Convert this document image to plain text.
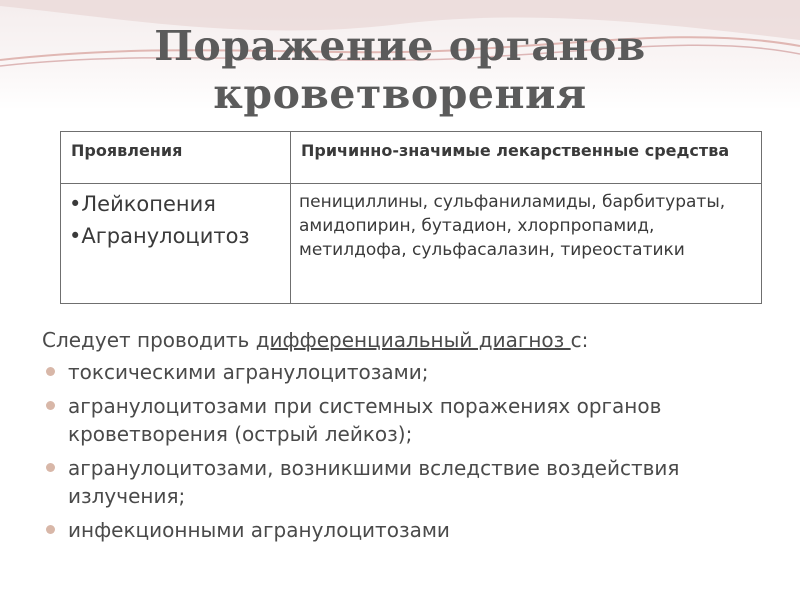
Поражение органов
кроветворения
Проявления	Причинно-значимые лекарственные средства

•Лейкопения
•Агранулоцитоз	пенициллины, сульфаниламиды, барбитураты, амидопирин, бутадион, хлорпропамид, метилдофа, сульфасалазин, тиреостатики
Следует проводить дифференциальный диагноз с:
токсическими агранулоцитозами;
агранулоцитозами при системных поражениях органов кроветворения (острый лейкоз);
агранулоцитозами, возникшими вследствие воздействия излучения;
инфекционными агранулоцитозами
